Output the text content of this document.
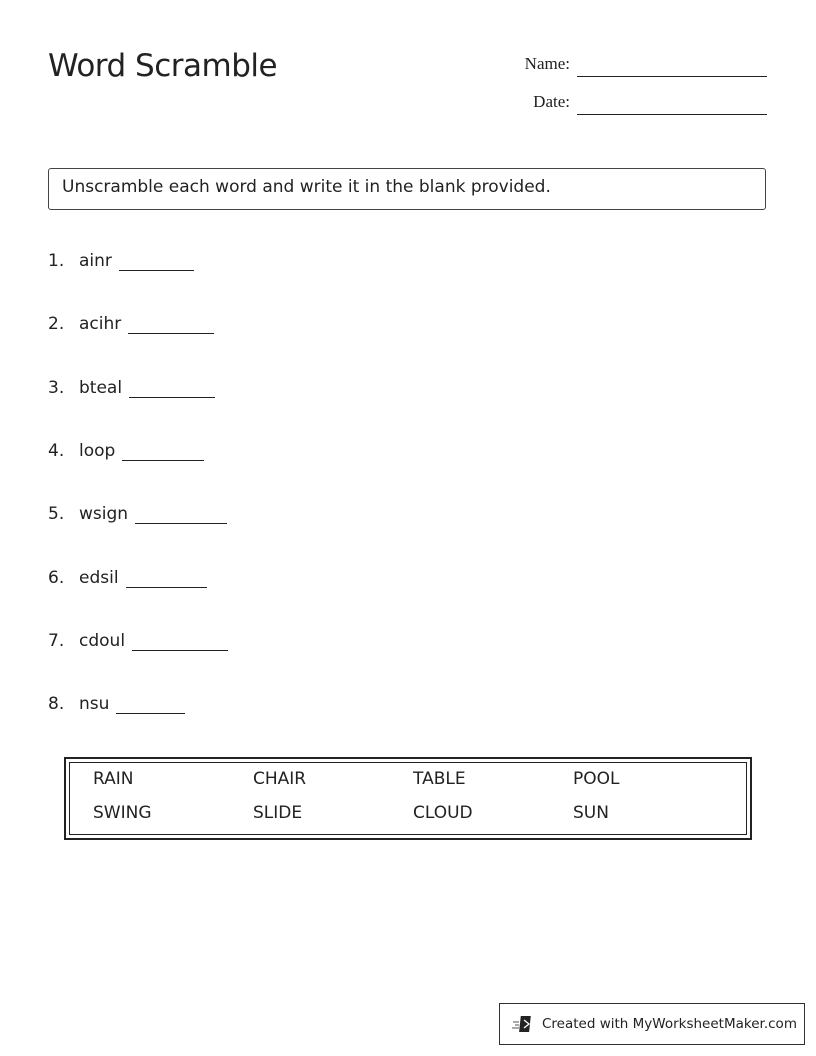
Word Scramble	Name:
Date:
Unscramble each word and write it in the blank provided.
1. ainr
2. acihr
3. bteal
4. loop
5. wsign
6. edsil
7. cdoul
8. nsu
RAIN	CHAIR	TABLE	POOL
SWING	SLIDE	CLOUD	SUN
Created with MyWorksheetMaker.com
